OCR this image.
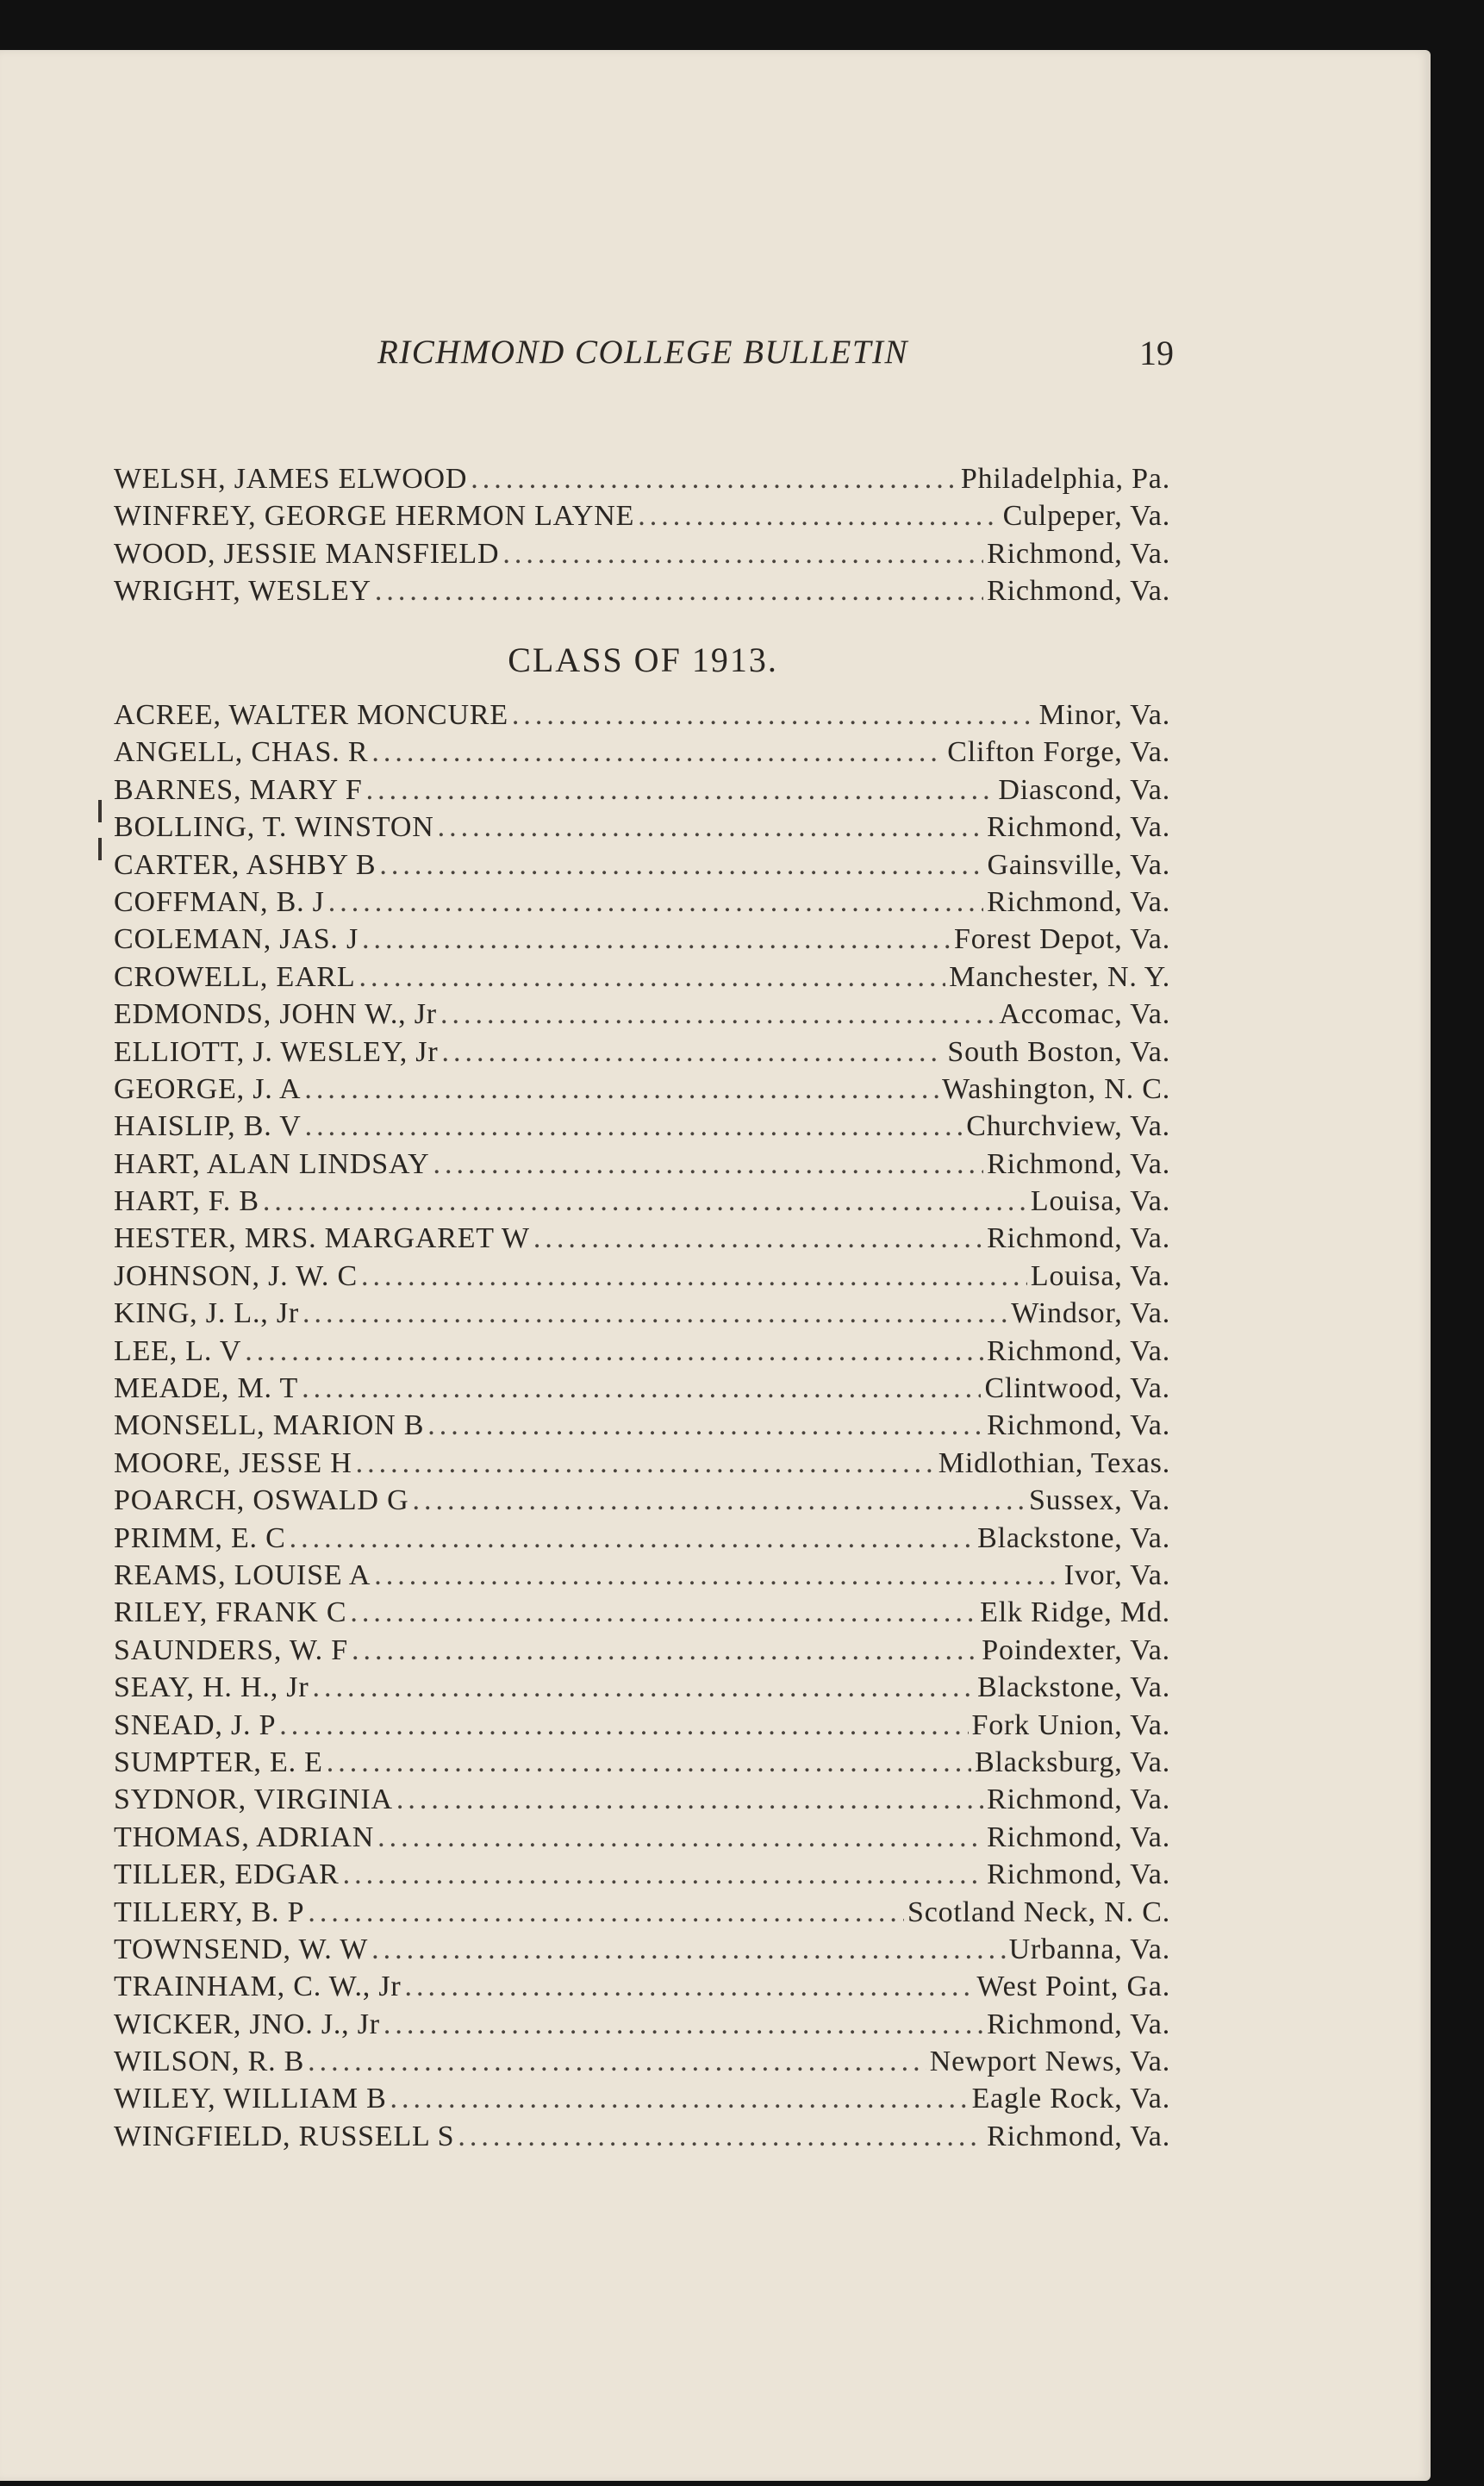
RICHMOND COLLEGE BULLETIN	19
WELSH, JAMES ELWOOD .....	Philadelphia, Pa.
WINFREY, GEORGE HERMON LAYNE .....	Culpeper, Va.
WOOD, JESSIE MANSFIELD .....	Richmond, Va.
WRIGHT, WESLEY .....	Richmond, Va.
CLASS OF 1913.
ACREE, WALTER MONCURE .....	Minor, Va.
ANGELL, CHAS. R .....	Clifton Forge, Va.
BARNES, MARY F .....	Diascond, Va.
BOLLING, T. WINSTON .....	Richmond, Va.
CARTER, ASHBY B .....	Gainsville, Va.
COFFMAN, B. J .....	Richmond, Va.
COLEMAN, JAS. J .....	Forest Depot, Va.
CROWELL, EARL .....	Manchester, N. Y.
EDMONDS, JOHN W., Jr .....	Accomac, Va.
ELLIOTT, J. WESLEY, Jr .....	South Boston, Va.
GEORGE, J. A .....	Washington, N. C.
HAISLIP, B. V .....	Churchview, Va.
HART, ALAN LINDSAY .....	Richmond, Va.
HART, F. B .....	Louisa, Va.
HESTER, MRS. MARGARET W .....	Richmond, Va.
JOHNSON, J. W. C .....	Louisa, Va.
KING, J. L., Jr .....	Windsor, Va.
LEE, L. V .....	Richmond, Va.
MEADE, M. T .....	Clintwood, Va.
MONSELL, MARION B .....	Richmond, Va.
MOORE, JESSE H .....	Midlothian, Texas.
POARCH, OSWALD G .....	Sussex, Va.
PRIMM, E. C .....	Blackstone, Va.
REAMS, LOUISE A .....	Ivor, Va.
RILEY, FRANK C .....	Elk Ridge, Md.
SAUNDERS, W. F .....	Poindexter, Va.
SEAY, H. H., Jr .....	Blackstone, Va.
SNEAD, J. P .....	Fork Union, Va.
SUMPTER, E. E .....	Blacksburg, Va.
SYDNOR, VIRGINIA .....	Richmond, Va.
THOMAS, ADRIAN .....	Richmond, Va.
TILLER, EDGAR .....	Richmond, Va.
TILLERY, B. P .....	Scotland Neck, N. C.
TOWNSEND, W. W .....	Urbanna, Va.
TRAINHAM, C. W., Jr .....	West Point, Ga.
WICKER, JNO. J., Jr .....	Richmond, Va.
WILSON, R. B .....	Newport News, Va.
WILEY, WILLIAM B .....	Eagle Rock, Va.
WINGFIELD, RUSSELL S .....	Richmond, Va.
